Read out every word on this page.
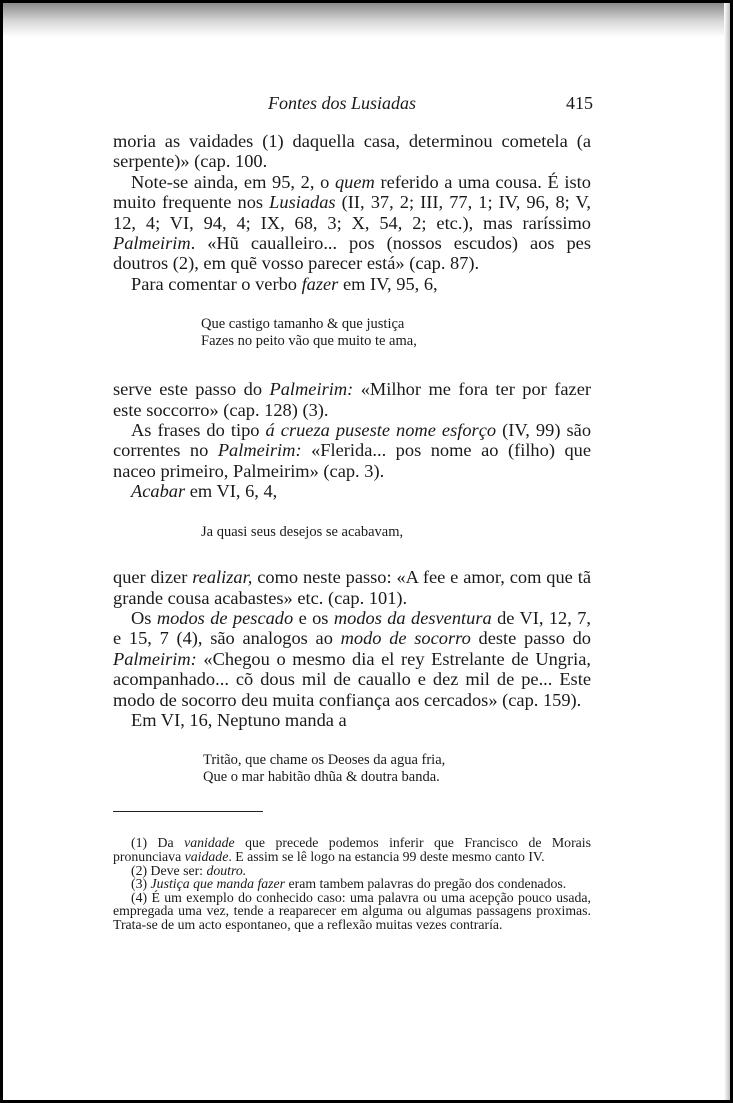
Fontes dos Lusiadas	415

moria as vaidades (1) daquella casa, determinou cometela (a serpente)» (cap. 100.

Note-se ainda, em 95, 2, o quem referido a uma cousa. É isto muito frequente nos Lusiadas (II, 37, 2; III, 77, 1; IV, 96, 8; V, 12, 4; VI, 94, 4; IX, 68, 3; X, 54, 2; etc.), mas raríssimo Palmeirim. «Hũ caualleiro... pos (nossos escudos) aos pes doutros (2), em quẽ vosso parecer está» (cap. 87).

Para comentar o verbo fazer em IV, 95, 6,

Que castigo tamanho & que justiça
Fazes no peito vão que muito te ama,

serve este passo do Palmeirim: «Milhor me fora ter por fazer este soccorro» (cap. 128) (3).

As frases do tipo á crueza puseste nome esforço (IV, 99) são correntes no Palmeirim: «Flerida... pos nome ao (filho) que naceo primeiro, Palmeirim» (cap. 3).

Acabar em VI, 6, 4,

Ja quasi seus desejos se acabavam,

quer dizer realizar, como neste passo: «A fee e amor, com que tã grande cousa acabastes» etc. (cap. 101).

Os modos de pescado e os modos da desventura de VI, 12, 7, e 15, 7 (4), são analogos ao modo de socorro deste passo do Palmeirim: «Chegou o mesmo dia el rey Estrelante de Ungria, acompanhado... cõ dous mil de cauallo e dez mil de pe... Este modo de socorro deu muita confiança aos cercados» (cap. 159).

Em VI, 16, Neptuno manda a

Tritão, que chame os Deoses da agua fria,
Que o mar habitão dhũa & doutra banda.

(1) Da vanidade que precede podemos inferir que Francisco de Morais pronunciava vaidade. E assim se lê logo na estancia 99 deste mesmo canto IV.

(2) Deve ser: doutro.

(3) Justiça que manda fazer eram tambem palavras do pregão dos condenados.

(4) É um exemplo do conhecido caso: uma palavra ou uma acepção pouco usada, empregada uma vez, tende a reaparecer em alguma ou algumas passagens proximas. Trata-se de um acto espontaneo, que a reflexão muitas vezes contraría.
